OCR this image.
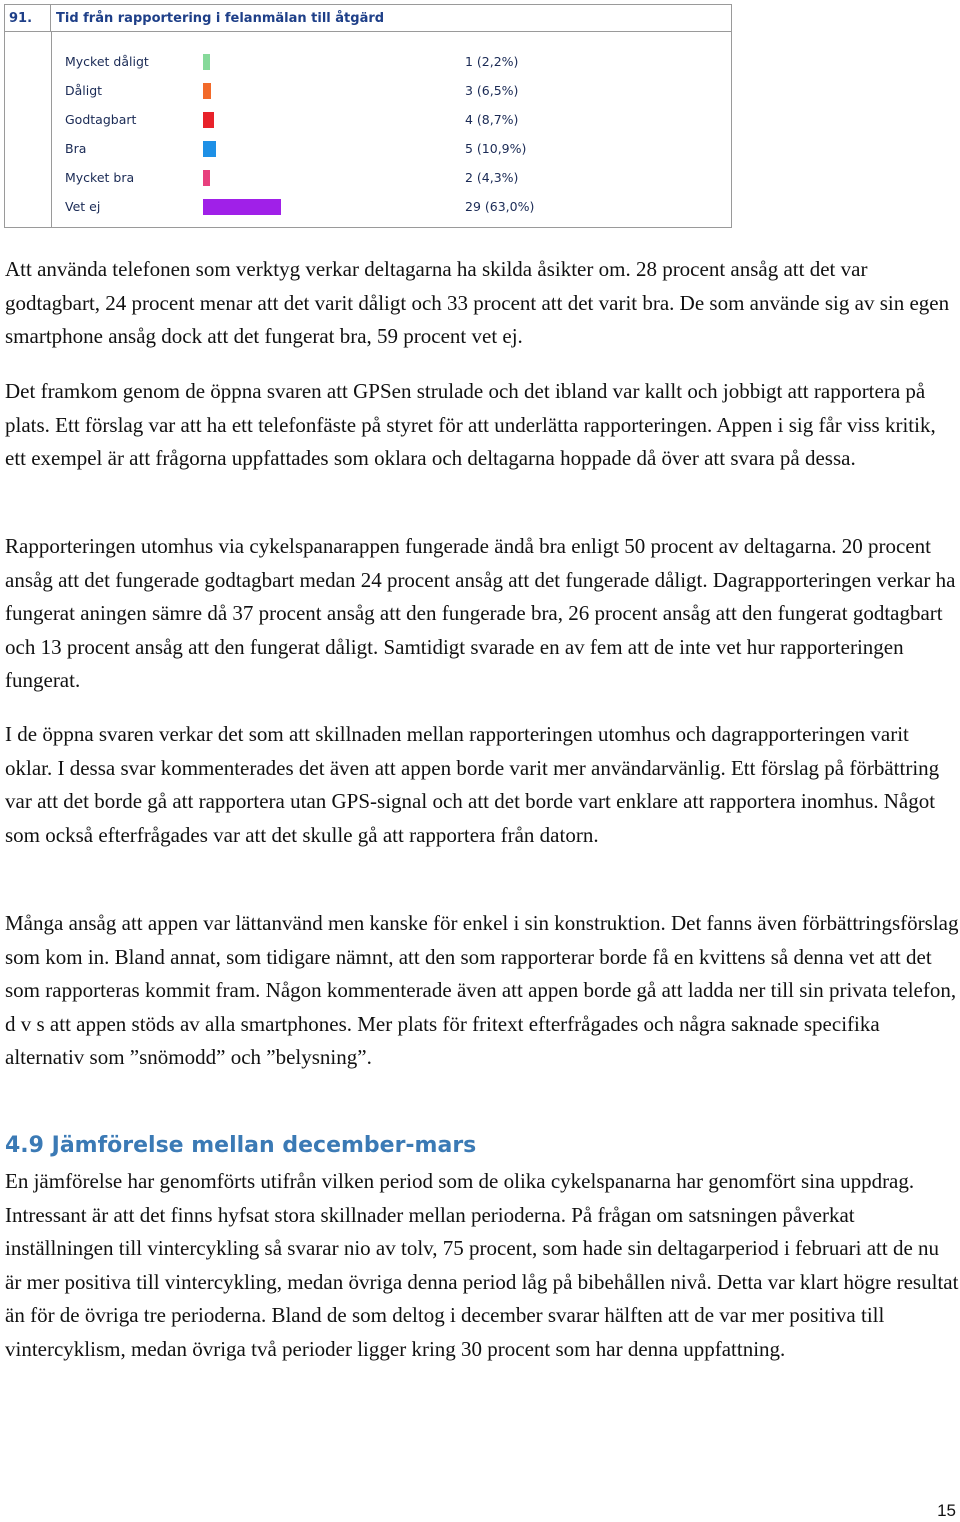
91.	Tid från rapportering i felanmälan till åtgärd
Mycket dåligt	1 (2,2%)
Dåligt	3 (6,5%)
Godtagbart	4 (8,7%)
Bra	5 (10,9%)
Mycket bra	2 (4,3%)
Vet ej	29 (63,0%)

Att använda telefonen som verktyg verkar deltagarna ha skilda åsikter om. 28 procent ansåg att det var godtagbart, 24 procent menar att det varit dåligt och 33 procent att det varit bra. De som använde sig av sin egen smartphone ansåg dock att det fungerat bra, 59 procent vet ej.

Det framkom genom de öppna svaren att GPSen strulade och det ibland var kallt och jobbigt att rapportera på plats. Ett förslag var att ha ett telefonfäste på styret för att underlätta rapporteringen. Appen i sig får viss kritik, ett exempel är att frågorna uppfattades som oklara och deltagarna hoppade då över att svara på dessa.

Rapporteringen utomhus via cykelspanarappen fungerade ändå bra enligt 50 procent av deltagarna. 20 procent ansåg att det fungerade godtagbart medan 24 procent ansåg att det fungerade dåligt. Dagrapporteringen verkar ha fungerat aningen sämre då 37 procent ansåg att den fungerade bra, 26 procent ansåg att den fungerat godtagbart och 13 procent ansåg att den fungerat dåligt. Samtidigt svarade en av fem att de inte vet hur rapporteringen fungerat.

I de öppna svaren verkar det som att skillnaden mellan rapporteringen utomhus och dagrapporteringen varit oklar. I dessa svar kommenterades det även att appen borde varit mer användarvänlig. Ett förslag på förbättring var att det borde gå att rapportera utan GPS-signal och att det borde vart enklare att rapportera inomhus. Något som också efterfrågades var att det skulle gå att rapportera från datorn.

Många ansåg att appen var lättanvänd men kanske för enkel i sin konstruktion. Det fanns även förbättringsförslag som kom in. Bland annat, som tidigare nämnt, att den som rapporterar borde få en kvittens så denna vet att det som rapporteras kommit fram. Någon kommenterade även att appen borde gå att ladda ner till sin privata telefon, d v s att appen stöds av alla smartphones. Mer plats för fritext efterfrågades och några saknade specifika alternativ som ”snömodd” och ”belysning”.

4.9 Jämförelse mellan december-mars

En jämförelse har genomförts utifrån vilken period som de olika cykelspanarna har genomfört sina uppdrag. Intressant är att det finns hyfsat stora skillnader mellan perioderna. På frågan om satsningen påverkat inställningen till vintercykling så svarar nio av tolv, 75 procent, som hade sin deltagarperiod i februari att de nu är mer positiva till vintercykling, medan övriga denna period låg på bibehållen nivå. Detta var klart högre resultat än för de övriga tre perioderna. Bland de som deltog i december svarar hälften att de var mer positiva till vintercyklism, medan övriga två perioder ligger kring 30 procent som har denna uppfattning.

15
